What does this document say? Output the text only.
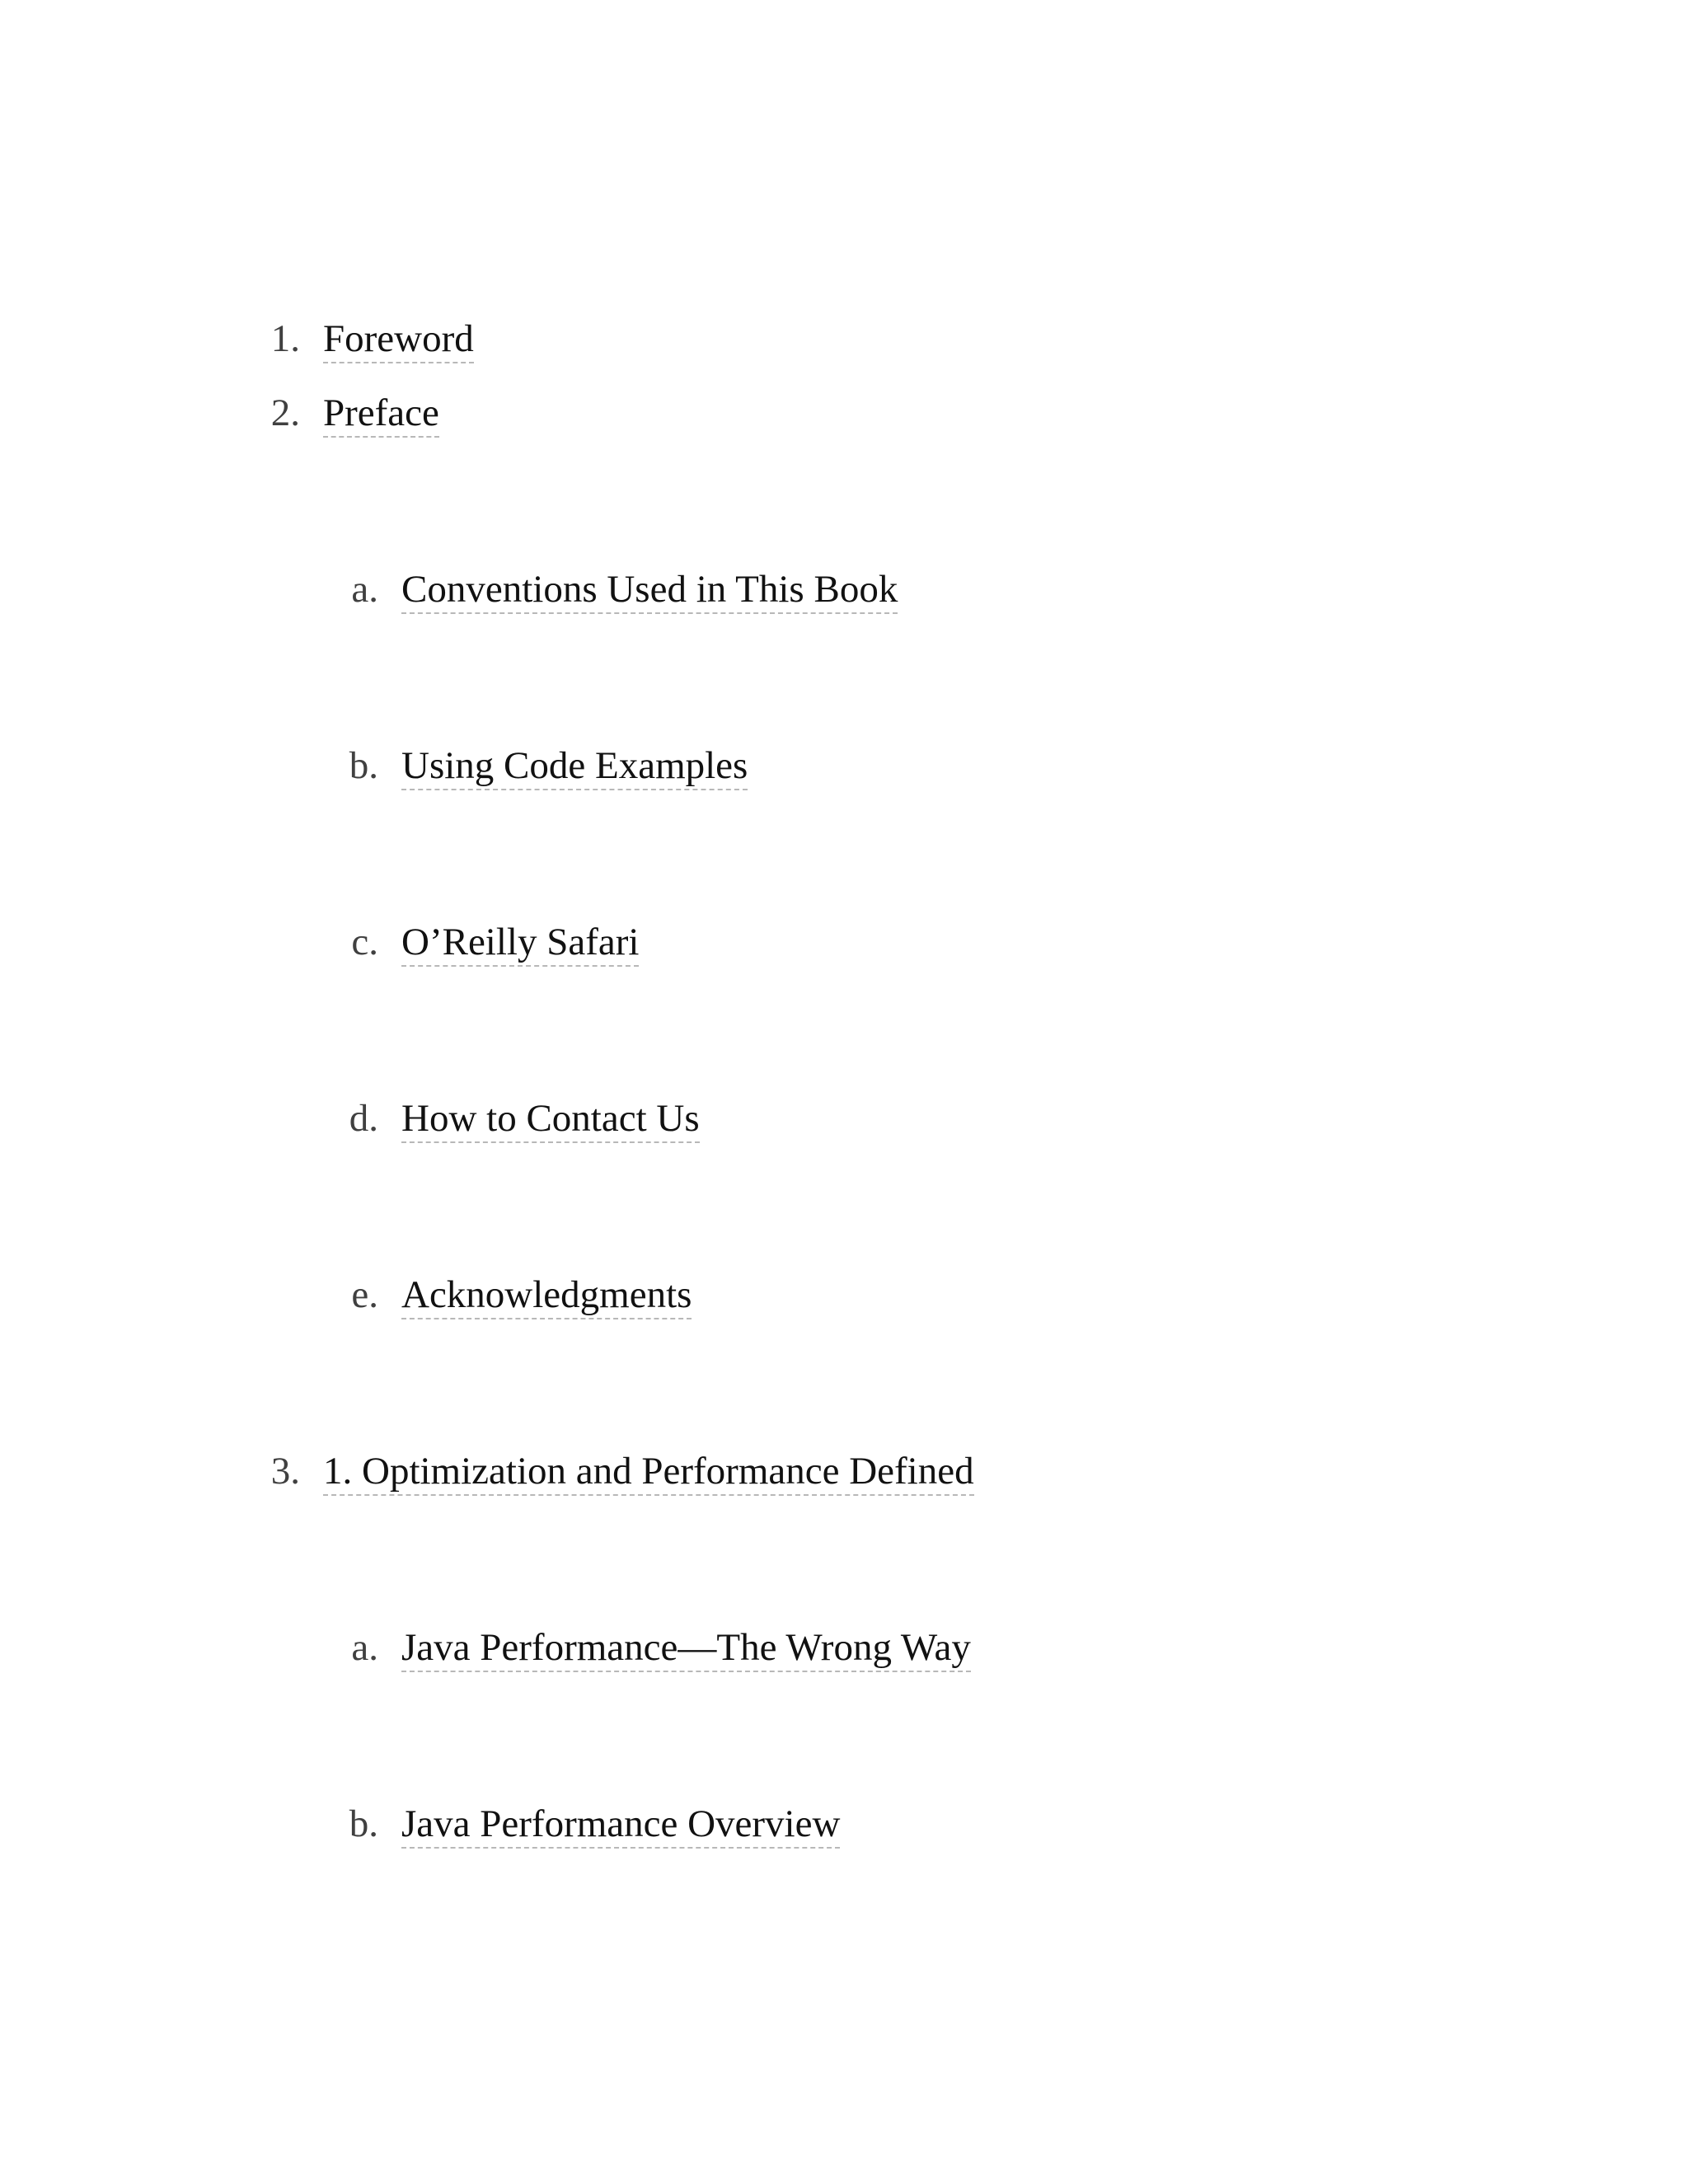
1. Foreword
2. Preface
a. Conventions Used in This Book
b. Using Code Examples
c. O’Reilly Safari
d. How to Contact Us
e. Acknowledgments
3. 1. Optimization and Performance Defined
a. Java Performance—The Wrong Way
b. Java Performance Overview
